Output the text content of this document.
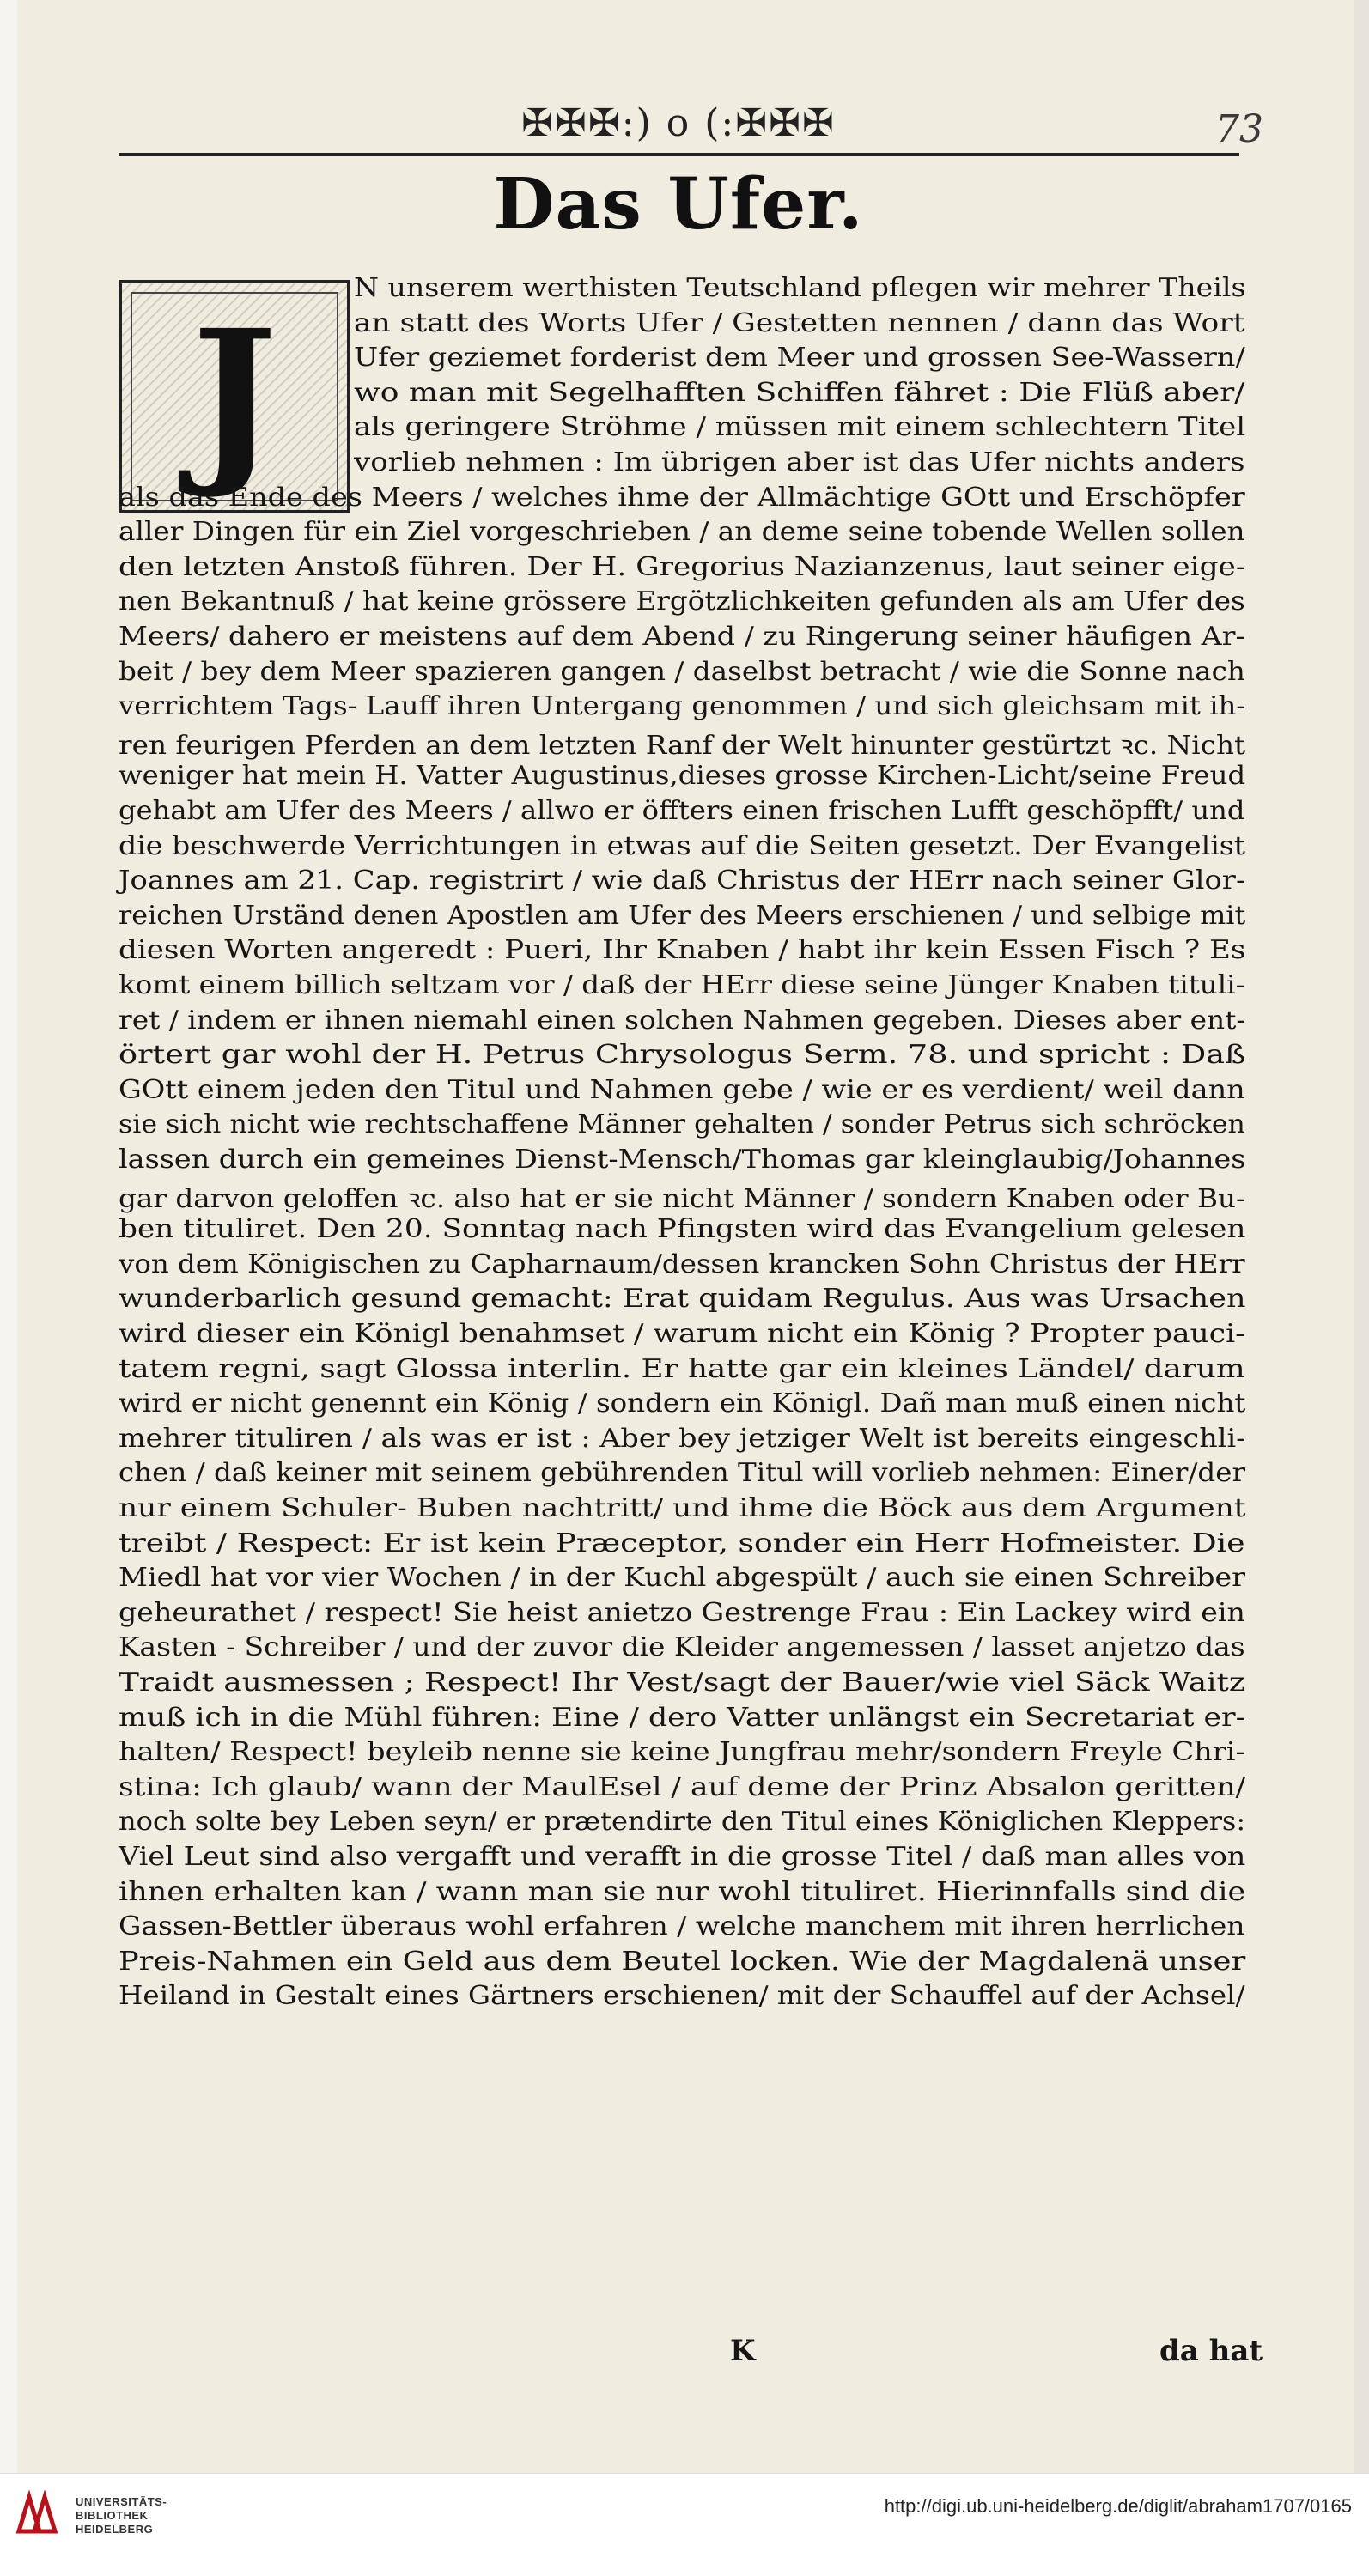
✠✠✠:) o (:✠✠✠	73
Das Ufer.
J
N unserem werthisten Teutschland pflegen wir mehrer Theils
an statt des Worts Ufer / Gestetten nennen / dann das Wort
Ufer geziemet forderist dem Meer und grossen See-Wassern/
wo man mit Segelhafften Schiffen fähret : Die Flüß aber/
als geringere Ströhme / müssen mit einem schlechtern Titel
vorlieb nehmen : Im übrigen aber ist das Ufer nichts anders
als das Ende des Meers / welches ihme der Allmächtige GOtt und Erschöpfer
aller Dingen für ein Ziel vorgeschrieben / an deme seine tobende Wellen sollen
den letzten Anstoß führen. Der H. Gregorius Nazianzenus, laut seiner eige-
nen Bekantnuß / hat keine grössere Ergötzlichkeiten gefunden als am Ufer des
Meers/ dahero er meistens auf dem Abend / zu Ringerung seiner häufigen Ar-
beit / bey dem Meer spazieren gangen / daselbst betracht / wie die Sonne nach
verrichtem Tags- Lauff ihren Untergang genommen / und sich gleichsam mit ih-
ren feurigen Pferden an dem letzten Ranf der Welt hinunter gestürtzt ꝛc. Nicht
weniger hat mein H. Vatter Augustinus,dieses grosse Kirchen-Licht/seine Freud
gehabt am Ufer des Meers / allwo er öffters einen frischen Lufft geschöpfft/ und
die beschwerde Verrichtungen in etwas auf die Seiten gesetzt. Der Evangelist
Joannes am 21. Cap. registrirt / wie daß Christus der HErr nach seiner Glor-
reichen Urständ denen Apostlen am Ufer des Meers erschienen / und selbige mit
diesen Worten angeredt : Pueri, Ihr Knaben / habt ihr kein Essen Fisch ? Es
komt einem billich seltzam vor / daß der HErr diese seine Jünger Knaben tituli-
ret / indem er ihnen niemahl einen solchen Nahmen gegeben. Dieses aber ent-
örtert gar wohl der H. Petrus Chrysologus Serm. 78. und spricht : Daß
GOtt einem jeden den Titul und Nahmen gebe / wie er es verdient/ weil dann
sie sich nicht wie rechtschaffene Männer gehalten / sonder Petrus sich schröcken
lassen durch ein gemeines Dienst-Mensch/Thomas gar kleinglaubig/Johannes
gar darvon geloffen ꝛc. also hat er sie nicht Männer / sondern Knaben oder Bu-
ben tituliret. Den 20. Sonntag nach Pfingsten wird das Evangelium gelesen
von dem Königischen zu Capharnaum/dessen krancken Sohn Christus der HErr
wunderbarlich gesund gemacht: Erat quidam Regulus. Aus was Ursachen
wird dieser ein Königl benahmset / warum nicht ein König ? Propter pauci-
tatem regni, sagt Glossa interlin. Er hatte gar ein kleines Ländel/ darum
wird er nicht genennt ein König / sondern ein Königl. Dañ man muß einen nicht
mehrer tituliren / als was er ist : Aber bey jetziger Welt ist bereits eingeschli-
chen / daß keiner mit seinem gebührenden Titul will vorlieb nehmen: Einer/der
nur einem Schuler- Buben nachtritt/ und ihme die Böck aus dem Argument
treibt / Respect: Er ist kein Præceptor, sonder ein Herr Hofmeister. Die
Miedl hat vor vier Wochen / in der Kuchl abgespült / auch sie einen Schreiber
geheurathet / respect! Sie heist anietzo Gestrenge Frau : Ein Lackey wird ein
Kasten - Schreiber / und der zuvor die Kleider angemessen / lasset anjetzo das
Traidt ausmessen ; Respect! Ihr Vest/sagt der Bauer/wie viel Säck Waitz
muß ich in die Mühl führen: Eine / dero Vatter unlängst ein Secretariat er-
halten/ Respect! beyleib nenne sie keine Jungfrau mehr/sondern Freyle Chri-
stina: Ich glaub/ wann der MaulEsel / auf deme der Prinz Absalon geritten/
noch solte bey Leben seyn/ er prætendirte den Titul eines Königlichen Kleppers:
Viel Leut sind also vergafft und verafft in die grosse Titel / daß man alles von
ihnen erhalten kan / wann man sie nur wohl tituliret. Hierinnfalls sind die
Gassen-Bettler überaus wohl erfahren / welche manchem mit ihren herrlichen
Preis-Nahmen ein Geld aus dem Beutel locken. Wie der Magdalenä unser
Heiland in Gestalt eines Gärtners erschienen/ mit der Schauffel auf der Achsel/
K	da hat
UNIVERSITÄTS-
BIBLIOTHEK
HEIDELBERG
http://digi.ub.uni-heidelberg.de/diglit/abraham1707/0165
